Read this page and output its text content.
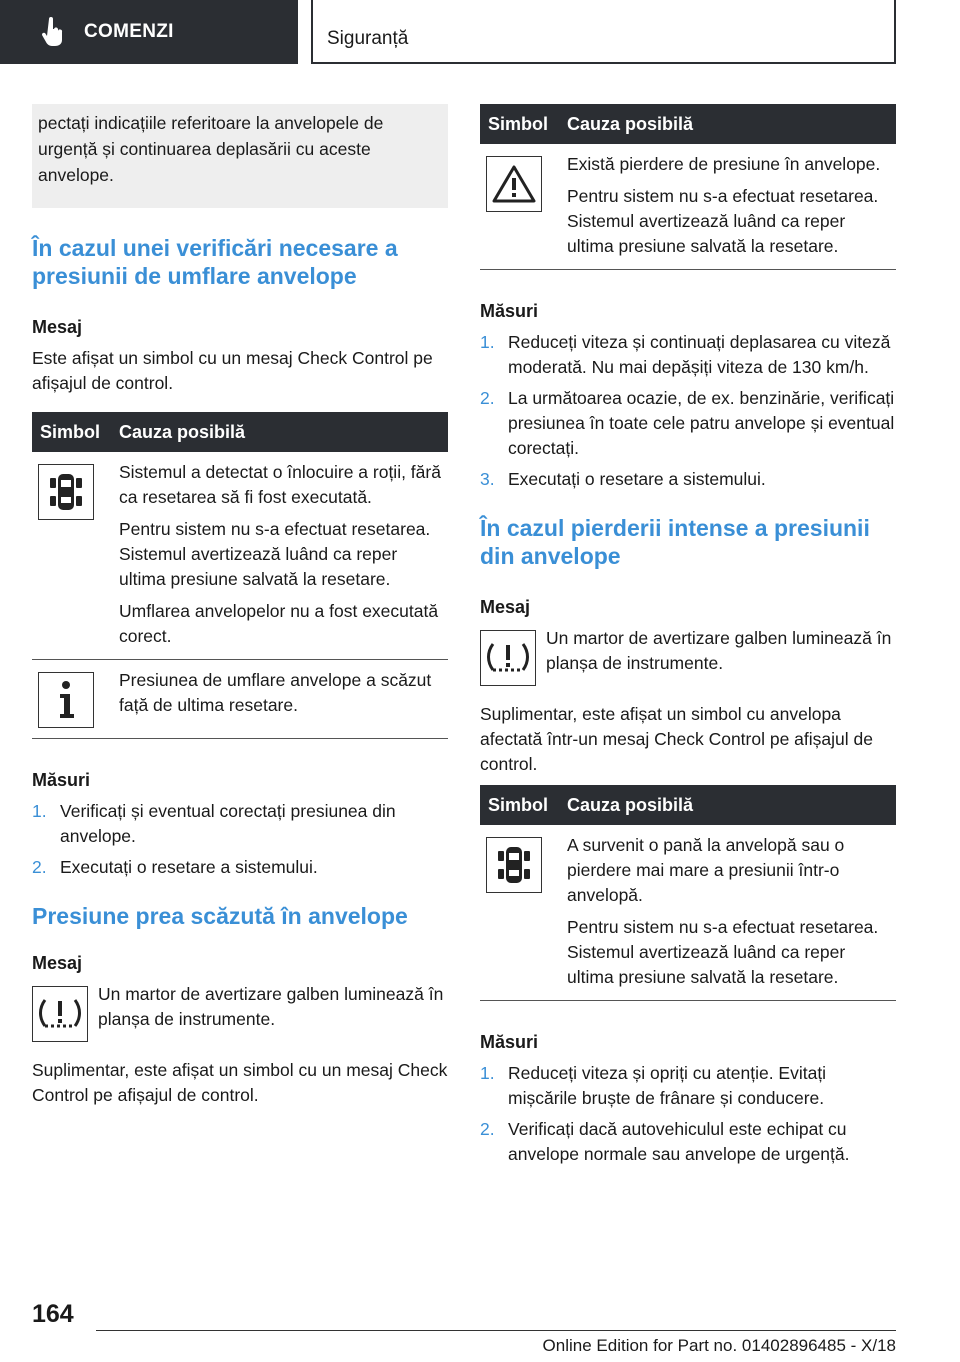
COMENZI	Siguranță
pectați indicațiile referitoare la anvelopele de urgență și continuarea deplasării cu aceste anvelope.
În cazul unei verificări necesare a presiunii de umflare anvelope
Mesaj

Este afișat un simbol cu un mesaj Check Control pe afișajul de control.

Simbol	Cauza posibilă

Sistemul a detectat o înlocuire a roții, fără ca resetarea să fi fost executată.

Pentru sistem nu s-a efectuat resetarea. Sistemul avertizează luând ca reper ultima presiune salvată la resetare.

Umflarea anvelopelor nu a fost executată corect.

Presiunea de umflare anvelope a scăzut față de ultima resetare.

Măsuri
1. Verificați și eventual corectați presiunea din anvelope.
2. Executați o resetare a sistemului.
Presiune prea scăzută în anvelope
Mesaj
Un martor de avertizare galben luminează în planșa de instrumente.

Suplimentar, este afișat un simbol cu un mesaj Check Control pe afișajul de control.

Simbol	Cauza posibilă

Există pierdere de presiune în anvelope.

Pentru sistem nu s-a efectuat resetarea. Sistemul avertizează luând ca reper ultima presiune salvată la resetare.

Măsuri
1. Reduceți viteza și continuați deplasarea cu viteză moderată. Nu mai depășiți viteza de 130 km/h.
2. La următoarea ocazie, de ex. benzinărie, verificați presiunea în toate cele patru anvelope și eventual corectați.
3. Executați o resetare a sistemului.
În cazul pierderii intense a presiunii din anvelope
Mesaj
Un martor de avertizare galben luminează în planșa de instrumente.

Suplimentar, este afișat un simbol cu anvelopa afectată într-un mesaj Check Control pe afișajul de control.

Simbol	Cauza posibilă

A survenit o pană la anvelopă sau o pierdere mai mare a presiunii într-o anvelopă.

Pentru sistem nu s-a efectuat resetarea. Sistemul avertizează luând ca reper ultima presiune salvată la resetare.

Măsuri
1. Reduceți viteza și opriți cu atenție. Evitați mișcările bruște de frânare și conducere.
2. Verificați dacă autovehiculul este echipat cu anvelope normale sau anvelope de urgență.
164
Online Edition for Part no. 01402896485 - X/18
